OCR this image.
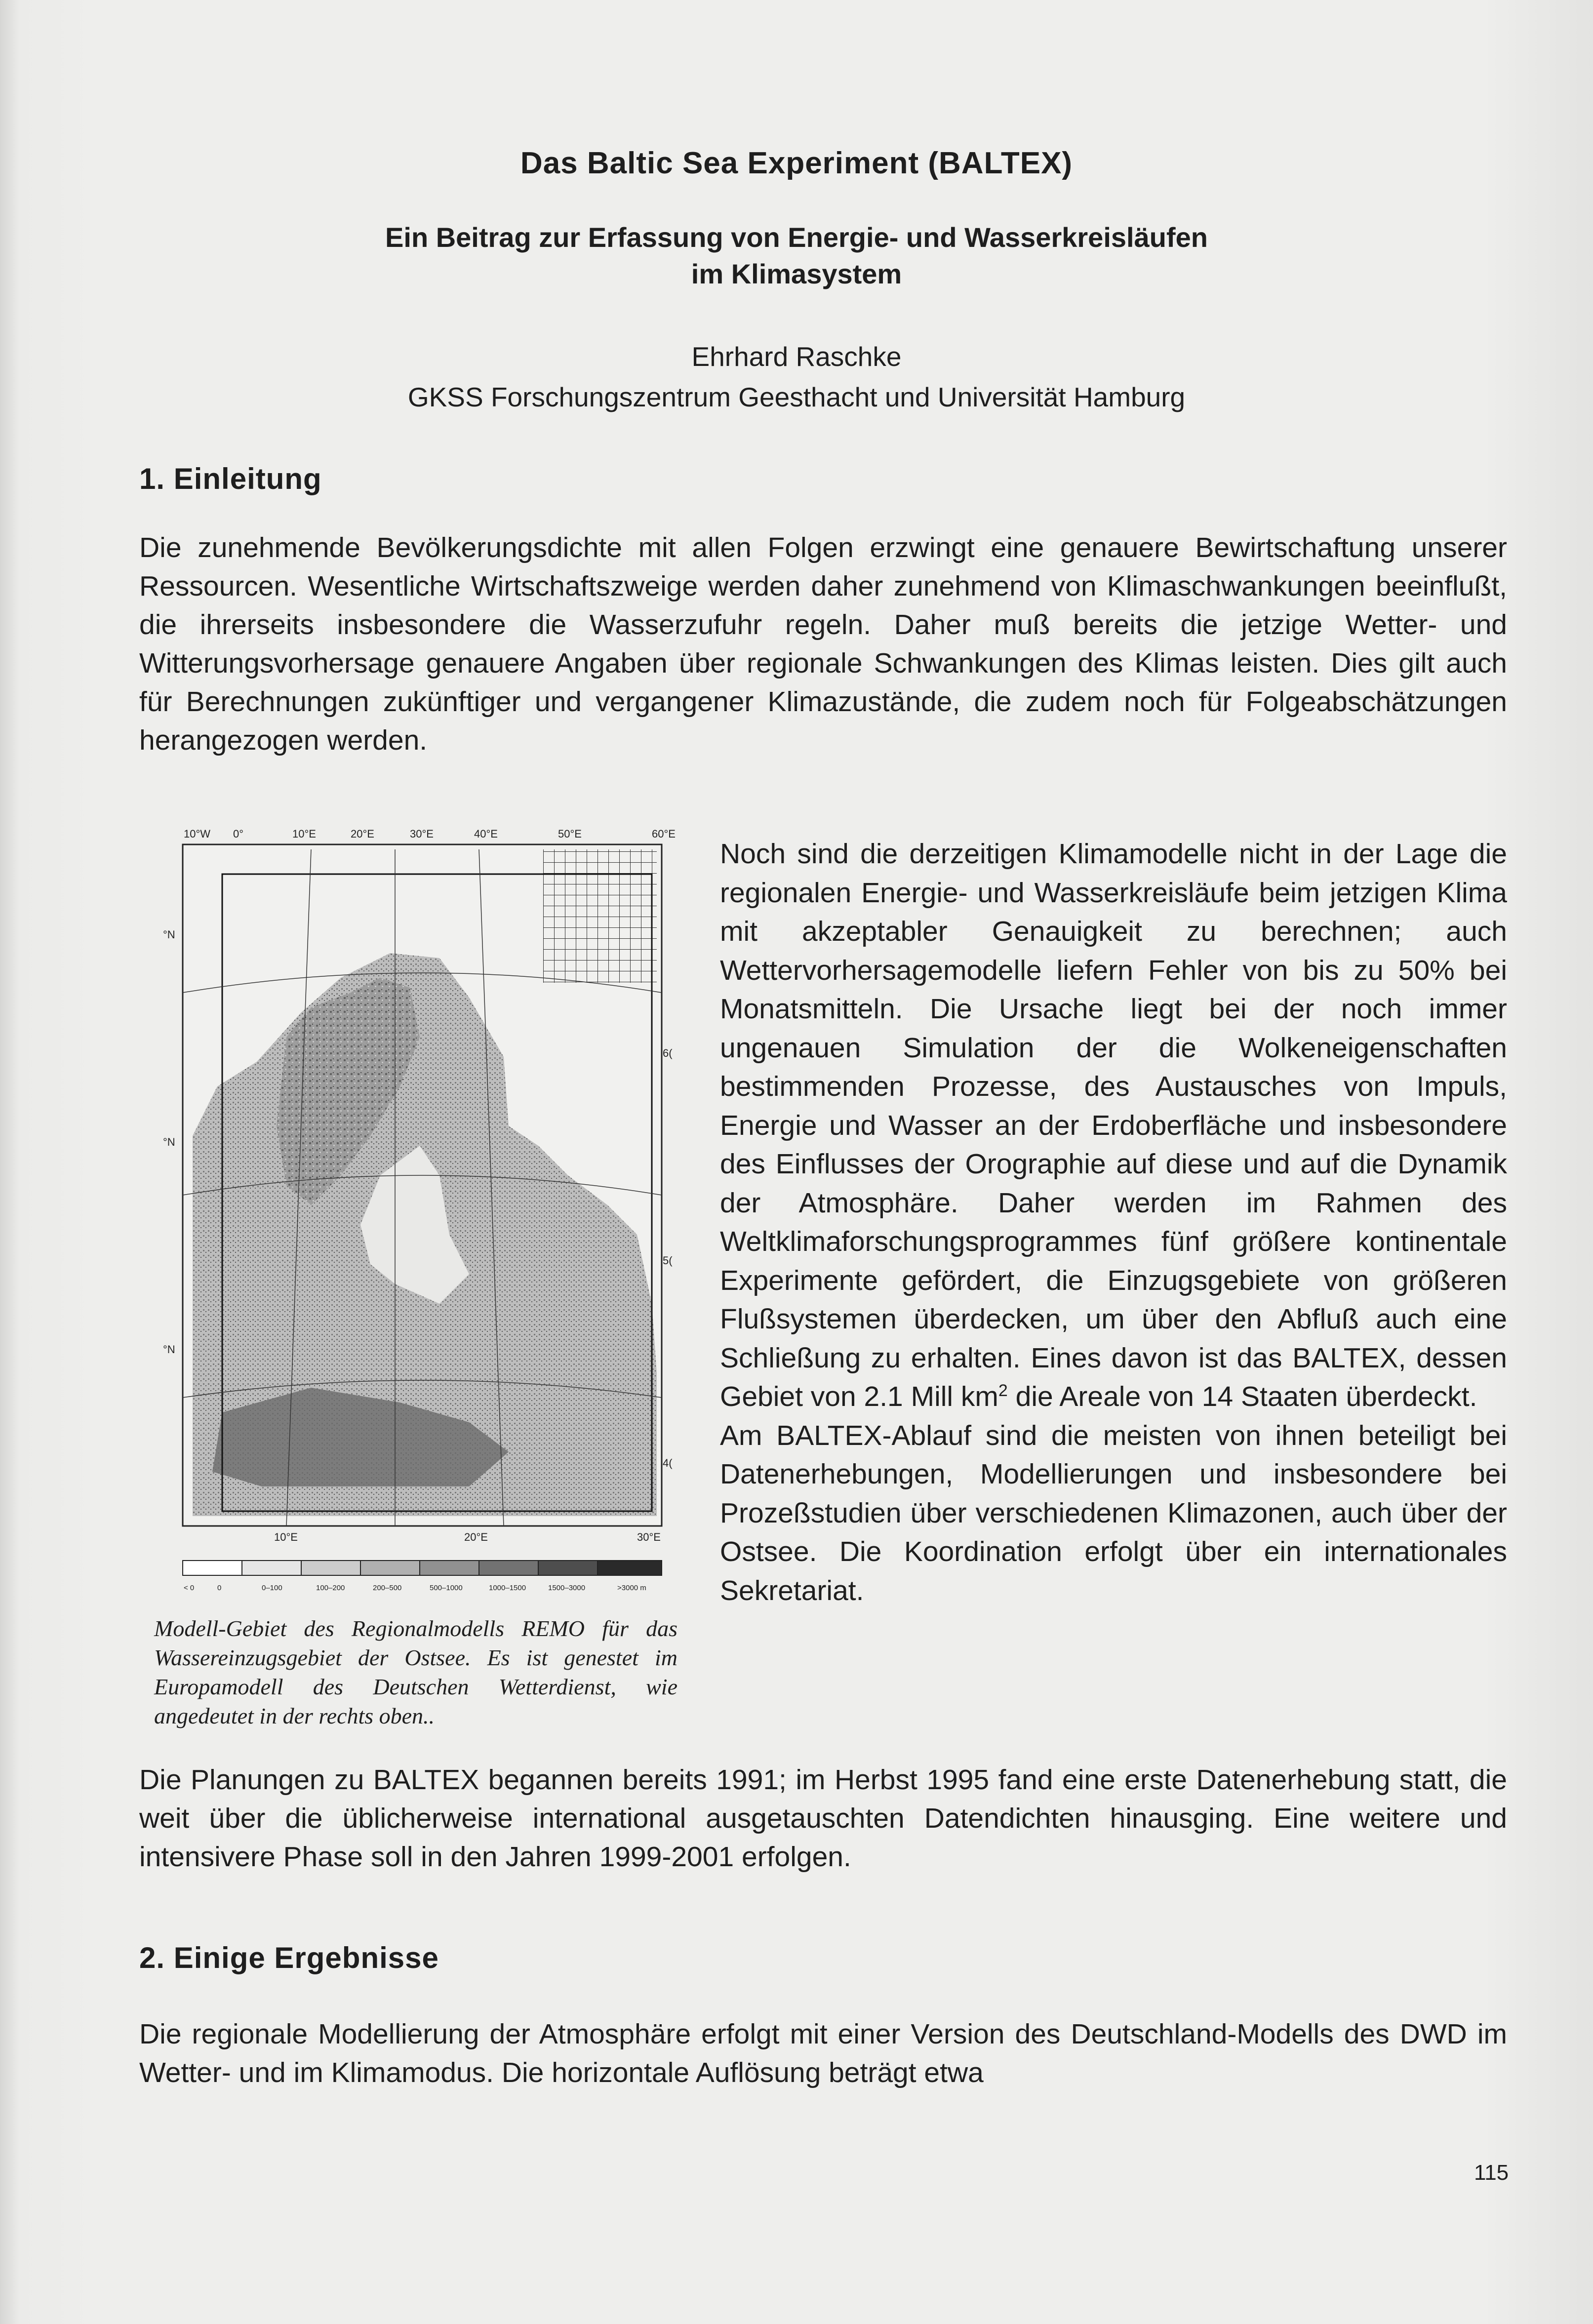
Das Baltic Sea Experiment (BALTEX)
Ein Beitrag zur Erfassung von Energie- und Wasserkreisläufen
im Klimasystem
Ehrhard Raschke
GKSS Forschungszentrum Geesthacht und Universität Hamburg
1. Einleitung
Die zunehmende Bevölkerungsdichte mit allen Folgen erzwingt eine genauere Bewirtschaftung unserer Ressourcen. Wesentliche Wirtschaftszweige werden daher zunehmend von Klimaschwankungen beeinflußt, die ihrerseits insbesondere die Wasserzufuhr regeln. Daher muß bereits die jetzige Wetter- und Witterungsvorhersage genauere Angaben über regionale Schwankungen des Klimas leisten. Dies gilt auch für Berechnungen zukünftiger und vergangener Klimazustände, die zudem noch für Folgeabschätzungen herangezogen werden.
10°W 0°	10°E	20°E	30°E	40°E	50°E	60°E
6(
5(
4(
°N
°N
°N
10°E	20°E	30°E
< 0	0	0–100	100–200	200–500	500–1000	1000–1500	1500–3000	>3000 m
Modell-Gebiet des Regionalmodells REMO für das Wassereinzugsgebiet der Ostsee. Es ist genestet im Europamodell des Deutschen Wetterdienst, wie angedeutet in der rechts oben..

Noch sind die derzeitigen Klimamodelle nicht in der Lage die regionalen Energie- und Wasserkreisläufe beim jetzigen Klima mit akzeptabler Genauigkeit zu berechnen; auch Wettervorhersagemodelle liefern Fehler von bis zu 50% bei Monatsmitteln. Die Ursache liegt bei der noch immer ungenauen Simulation der die Wolkeneigenschaften bestimmenden Prozesse, des Austausches von Impuls, Energie und Wasser an der Erdoberfläche und insbesondere des Einflusses der Orographie auf diese und auf die Dynamik der Atmosphäre. Daher werden im Rahmen des Weltklimaforschungsprogrammes fünf größere kontinentale Experimente gefördert, die Einzugsgebiete von größeren Flußsystemen überdecken, um über den Abfluß auch eine Schließung zu erhalten. Eines davon ist das BALTEX, dessen Gebiet von 2.1 Mill $km^2$ die Areale von 14 Staaten überdeckt.

Am BALTEX-Ablauf sind die meisten von ihnen beteiligt bei Datenerhebungen, Modellierungen und insbesondere bei Prozeßstudien über verschiedenen Klimazonen, auch über der Ostsee. Die Koordination erfolgt über ein internationales Sekretariat.

Die Planungen zu BALTEX begannen bereits 1991; im Herbst 1995 fand eine erste Datenerhebung statt, die weit über die üblicherweise international ausgetauschten Datendichten hinausging. Eine weitere und intensivere Phase soll in den Jahren 1999-2001 erfolgen.
2. Einige Ergebnisse
Die regionale Modellierung der Atmosphäre erfolgt mit einer Version des Deutschland-Modells des DWD im Wetter- und im Klimamodus. Die horizontale Auflösung beträgt etwa
115
